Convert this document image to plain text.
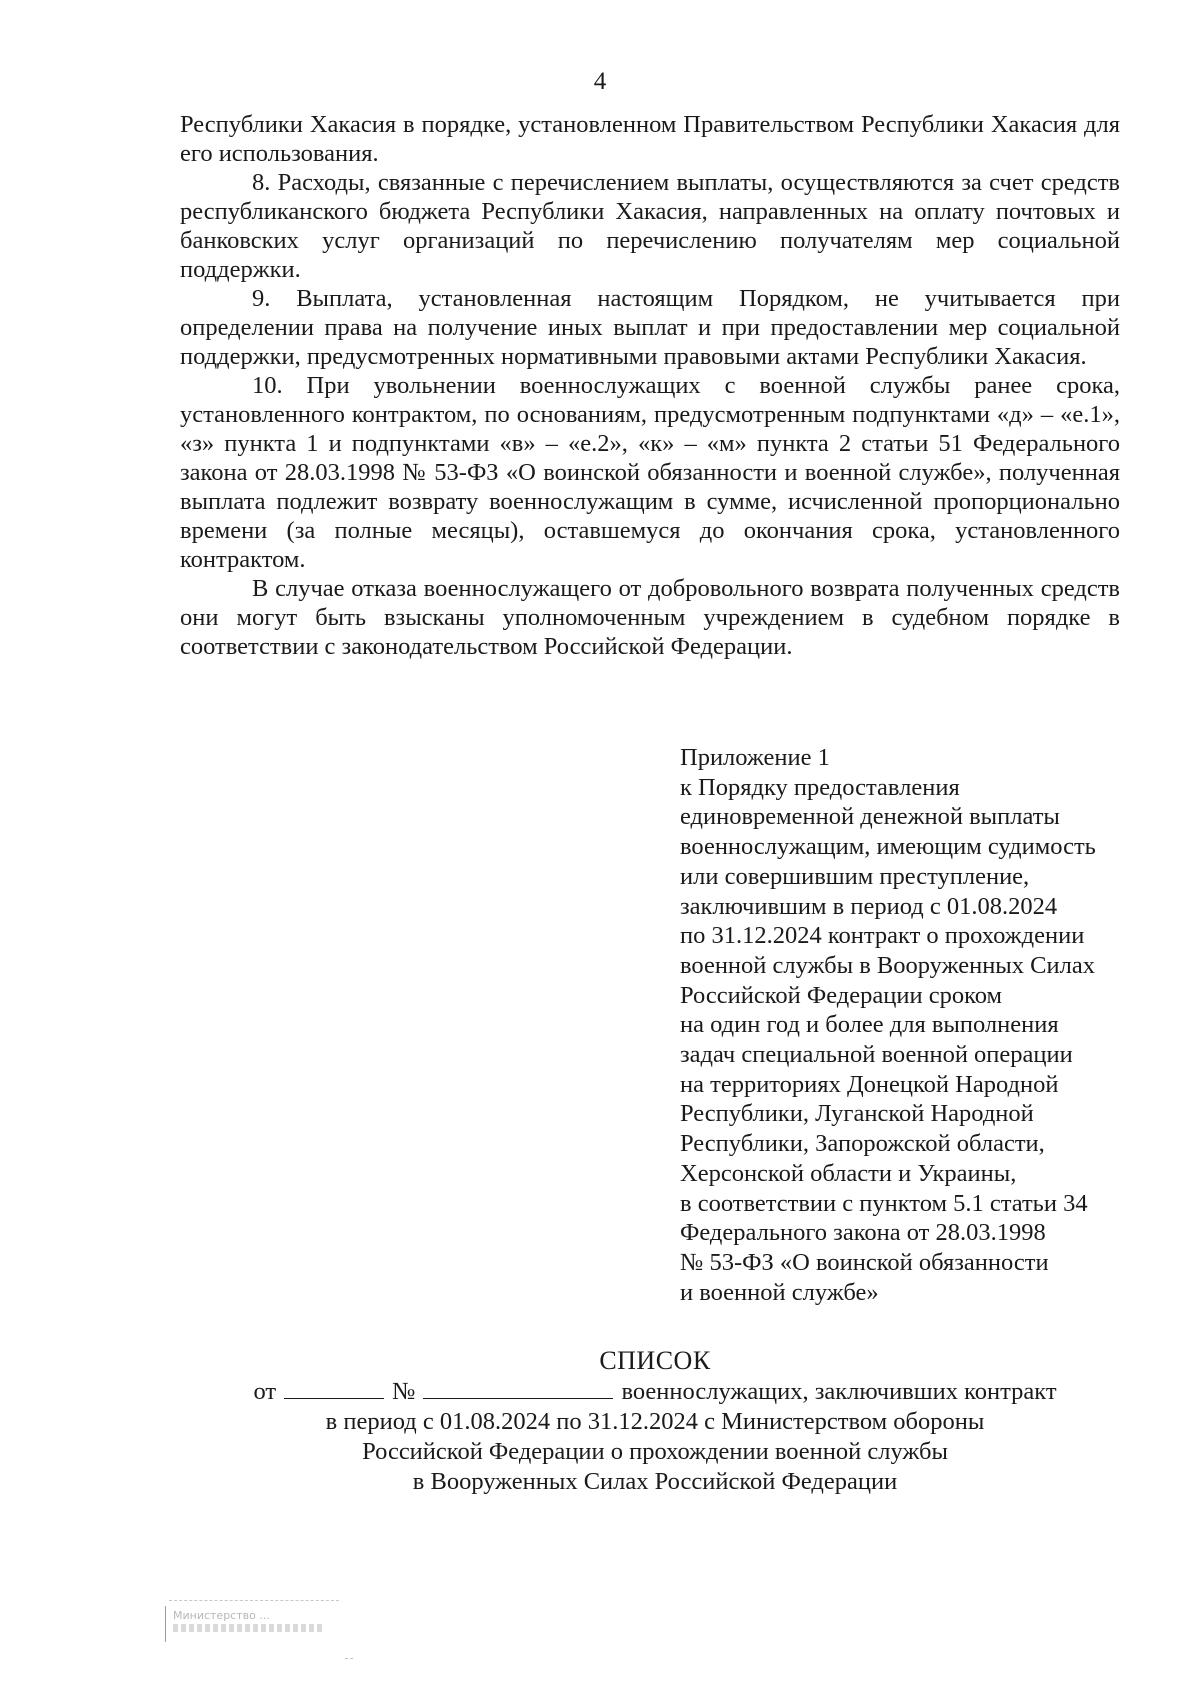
4

Республики Хакасия в порядке, установленном Правительством Республики Хакасия для его использования.

8. Расходы, связанные с перечислением выплаты, осуществляются за счет средств республиканского бюджета Республики Хакасия, направленных на оплату почтовых и банковских услуг организаций по перечислению получателям мер социальной поддержки.

9. Выплата, установленная настоящим Порядком, не учитывается при определении права на получение иных выплат и при предоставлении мер социальной поддержки, предусмотренных нормативными правовыми актами Республики Хакасия.

10. При увольнении военнослужащих с военной службы ранее срока, установленного контрактом, по основаниям, предусмотренным подпунктами «д» – «е.1», «з» пункта 1 и подпунктами «в» – «е.2», «к» – «м» пункта 2 статьи 51 Федерального закона от 28.03.1998 № 53-ФЗ «О воинской обязанности и военной службе», полученная выплата подлежит возврату военнослужащим в сумме, исчисленной пропорционально времени (за полные месяцы), оставшемуся до окончания срока, установленного контрактом.

В случае отказа военнослужащего от добровольного возврата полученных средств они могут быть взысканы уполномоченным учреждением в судебном порядке в соответствии с законодательством Российской Федерации.

Приложение 1
к Порядку предоставления
единовременной денежной выплаты
военнослужащим, имеющим судимость
или совершившим преступление,
заключившим в период с 01.08.2024
по 31.12.2024 контракт о прохождении
военной службы в Вооруженных Силах
Российской Федерации сроком
на один год и более для выполнения
задач специальной военной операции
на территориях Донецкой Народной
Республики, Луганской Народной
Республики, Запорожской области,
Херсонской области и Украины,
в соответствии с пунктом 5.1 статьи 34
Федерального закона от 28.03.1998
№ 53-ФЗ «О воинской обязанности
и военной службе»
СПИСОК
от	№	военнослужащих, заключивших контракт
в период с 01.08.2024 по 31.12.2024 с Министерством обороны
Российской Федерации о прохождении военной службы
в Вооруженных Силах Российской Федерации
Министерство ...
